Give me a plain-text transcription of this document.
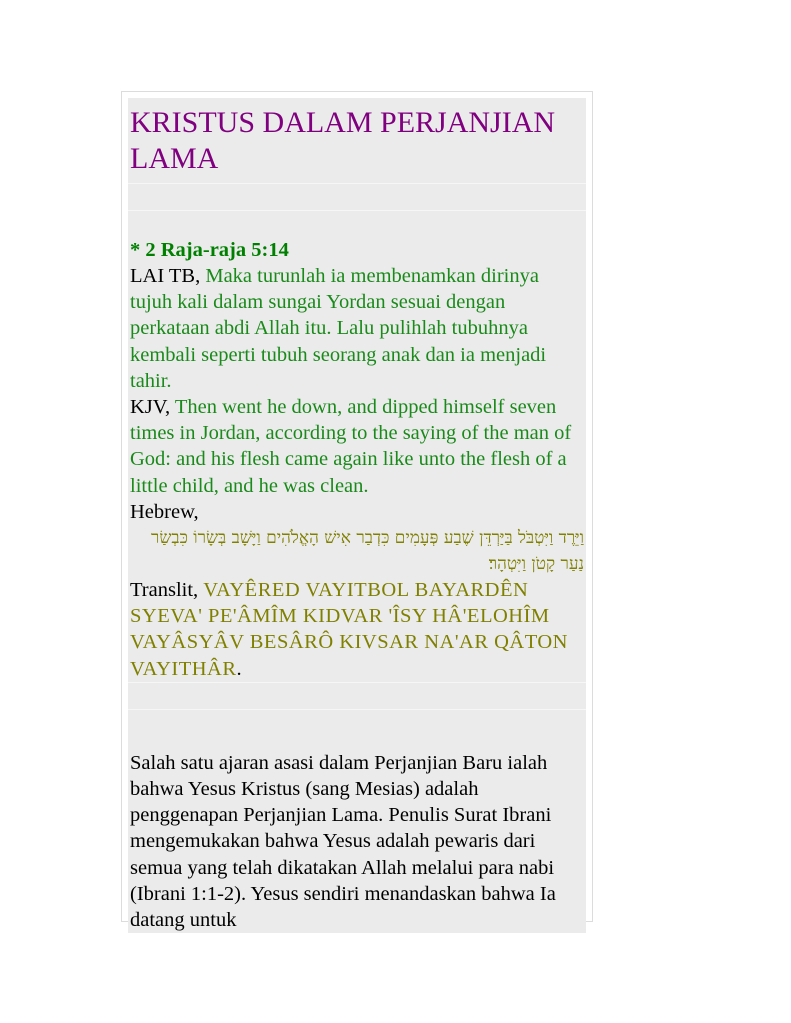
KRISTUS DALAM PERJANJIAN LAMA
* 2 Raja-raja 5:14

LAI TB, Maka turunlah ia membenamkan dirinya tujuh kali dalam sungai Yordan sesuai dengan perkataan abdi Allah itu. Lalu pulihlah tubuhnya kembali seperti tubuh seorang anak dan ia menjadi tahir.

KJV, Then went he down, and dipped himself seven times in Jordan, according to the saying of the man of God: and his flesh came again like unto the flesh of a little child, and he was clean.

Hebrew,

וַיֵּרֶד וַיִּטְבֹּל בַּיַּרְדֵּן שֶׁבַע פְּעָמִים כִּדְבַר אִישׁ הָאֱלֹהִים וַיָּשָׁב בְּשָׂרוֹ כִּבְשַׂר נַעַר קָטֹן וַיִּטְהָר׃

Translit, VAYÊRED VAYITBOL BAYARDÊN SYEVA' PE'ÂMÎM KIDVAR 'ÎSY HÂ'ELOHÎM VAYÂSYÂV BESÂRÔ KIVSAR NA'AR QÂTON VAYITHÂR.

Salah satu ajaran asasi dalam Perjanjian Baru ialah bahwa Yesus Kristus (sang Mesias) adalah penggenapan Perjanjian Lama. Penulis Surat Ibrani mengemukakan bahwa Yesus adalah pewaris dari semua yang telah dikatakan Allah melalui para nabi (Ibrani 1:1-2). Yesus sendiri menandaskan bahwa Ia datang untuk
